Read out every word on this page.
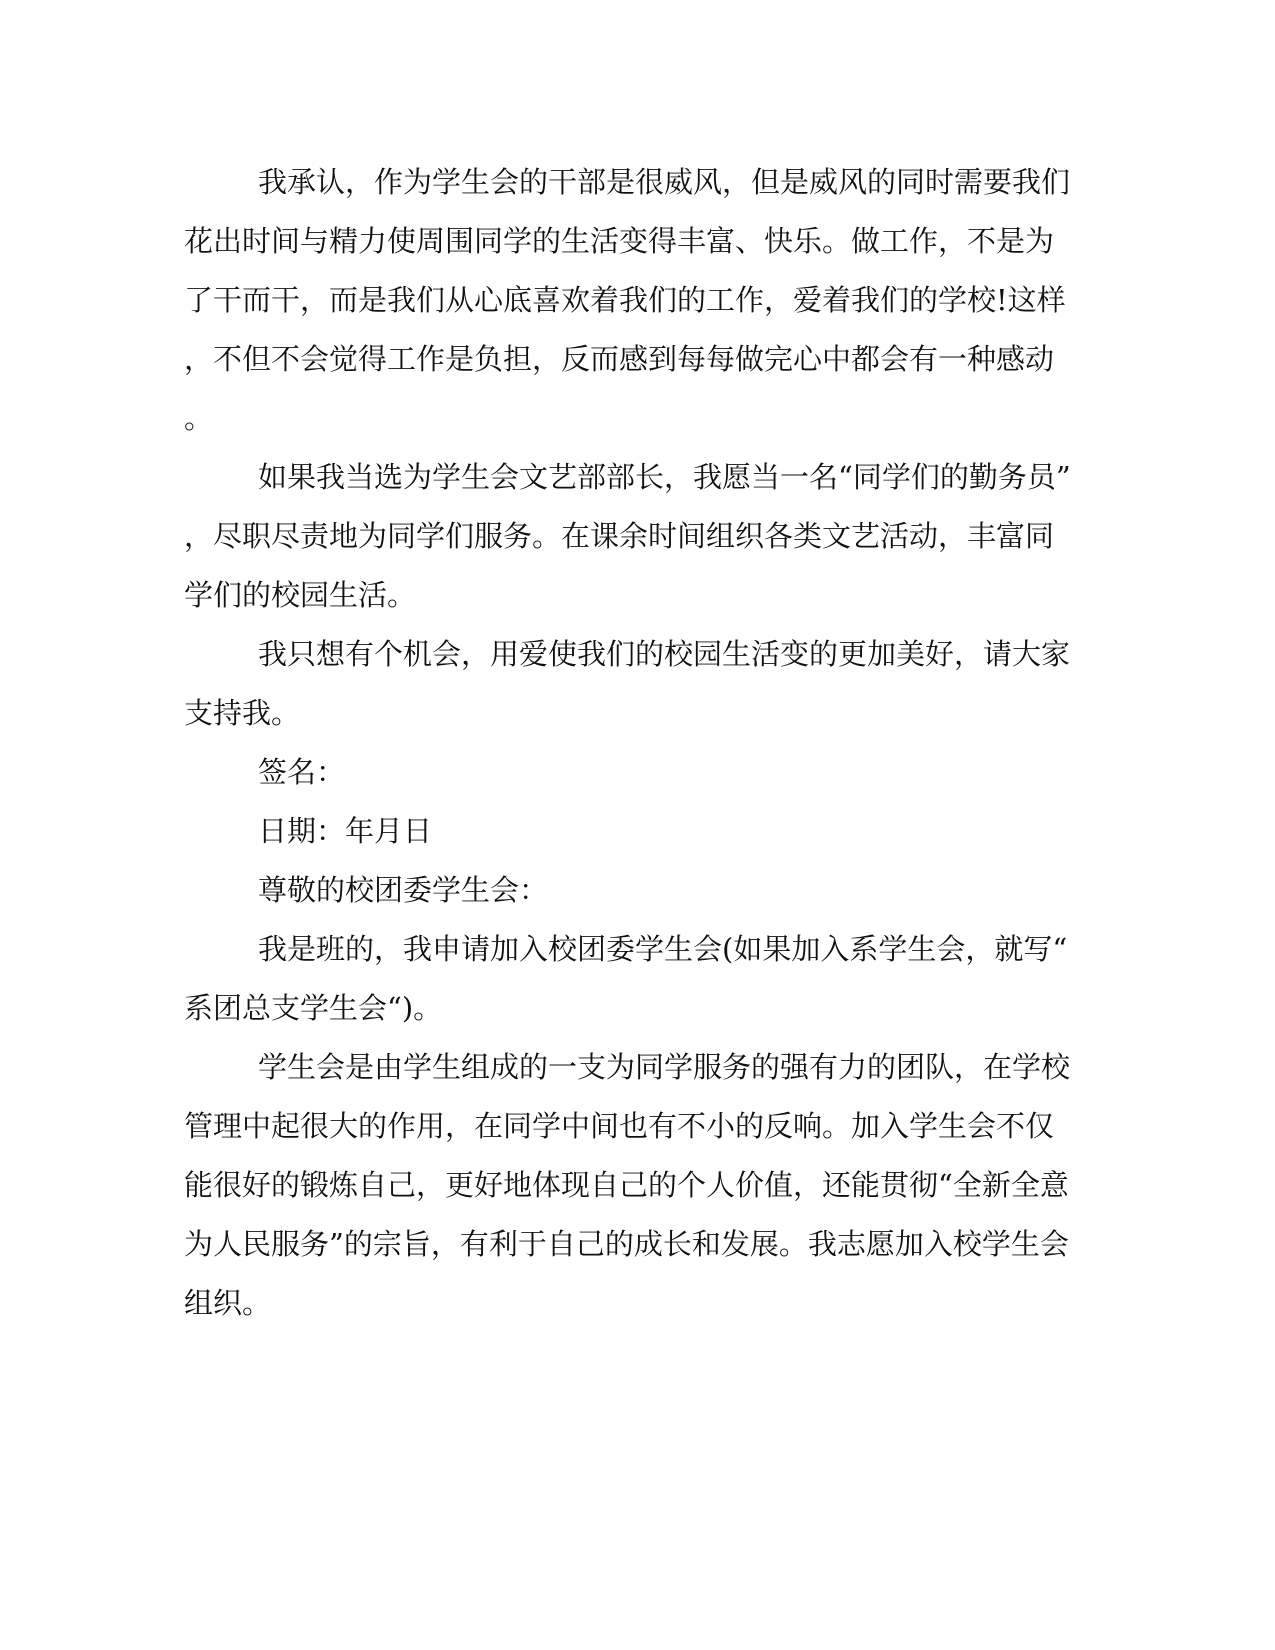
我承认，作为学生会的干部是很威风，但是威风的同时需要我们
花出时间与精力使周围同学的生活变得丰富、快乐。做工作，不是为
了干而干，而是我们从心底喜欢着我们的工作，爱着我们的学校!这样
，不但不会觉得工作是负担，反而感到每每做完心中都会有一种感动
。
如果我当选为学生会文艺部部长，我愿当一名“同学们的勤务员”
，尽职尽责地为同学们服务。在课余时间组织各类文艺活动，丰富同
学们的校园生活。
我只想有个机会，用爱使我们的校园生活变的更加美好，请大家
支持我。
签名：
日期：年月日
尊敬的校团委学生会：
我是班的，我申请加入校团委学生会(如果加入系学生会，就写“
系团总支学生会“)。
学生会是由学生组成的一支为同学服务的强有力的团队，在学校
管理中起很大的作用，在同学中间也有不小的反响。加入学生会不仅
能很好的锻炼自己，更好地体现自己的个人价值，还能贯彻“全新全意
为人民服务”的宗旨，有利于自己的成长和发展。我志愿加入校学生会
组织。
